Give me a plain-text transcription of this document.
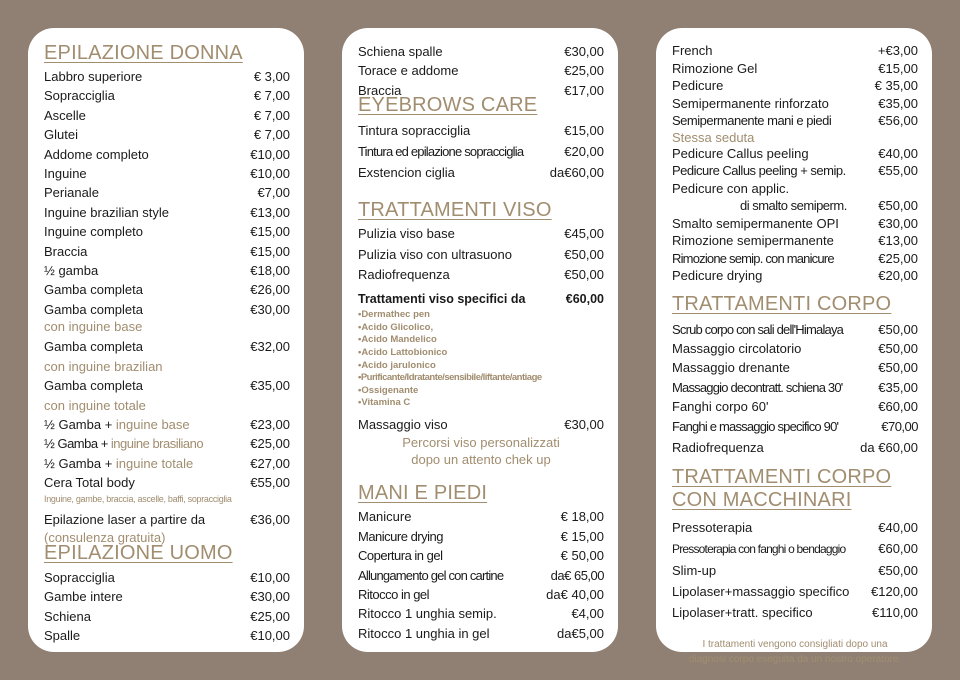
EPILAZIONE DONNA
Labbro superiore	€ 3,00
Sopracciglia	€ 7,00
Ascelle	€ 7,00
Glutei	€ 7,00
Addome completo	€10,00
Inguine	€10,00
Perianale	€7,00
Inguine brazilian style	€13,00
Inguine completo	€15,00
Braccia	€15,00
½ gamba	€18,00
Gamba completa	€26,00
Gamba completa	€30,00
con inguine base
Gamba completa	€32,00
con inguine brazilian
Gamba completa	€35,00
con inguine totale
½ Gamba + inguine base	€23,00
½ Gamba + inguine brasiliano	€25,00
½ Gamba + inguine totale	€27,00
Cera Total body	€55,00
Inguine, gambe, braccia, ascelle, baffi, sopracciglia
Epilazione laser a partire da	€36,00
(consulenza gratuita)
EPILAZIONE UOMO
Sopracciglia	€10,00
Gambe intere	€30,00
Schiena	€25,00
Spalle	€10,00
Schiena spalle	€30,00
Torace e addome	€25,00
Braccia	€17,00
EYEBROWS CARE
Tintura sopracciglia	€15,00
Tintura ed epilazione sopracciglia	€20,00
Exstencion ciglia	da€60,00
TRATTAMENTI VISO
Pulizia viso base	€45,00
Pulizia viso con ultrasuono	€50,00
Radiofrequenza	€50,00
Trattamenti viso specifici da	€60,00
•Dermathec pen
•Acido Glicolico,
•Acido Mandelico
•Acido Lattobionico
•Acido jarulonico
•Purificante/Idratante/sensibile/liftante/antiage
•Ossigenante
•Vitamina C
Massaggio viso	€30,00
Percorsi viso personalizzati
dopo un attento chek up
MANI E PIEDI
Manicure	€ 18,00
Manicure drying	€ 15,00
Copertura in gel	€ 50,00
Allungamento gel con cartine	da€ 65,00
Ritocco in gel	da€ 40,00
Ritocco 1 unghia semip.	€4,00
Ritocco 1 unghia in gel	da€5,00
French	+€3,00
Rimozione Gel	€15,00
Pedicure	€ 35,00
Semipermanente rinforzato	€35,00
Semipermanente mani e piedi	€56,00
Stessa seduta
Pedicure Callus peeling	€40,00
Pedicure Callus peeling + semip.	€55,00
Pedicure con applic.
di smalto semiperm.	€50,00
Smalto semipermanente OPI	€30,00
Rimozione semipermanente	€13,00
Rimozione semip. con manicure	€25,00
Pedicure drying	€20,00
TRATTAMENTI CORPO
Scrub corpo con sali dell'Himalaya	€50,00
Massaggio circolatorio	€50,00
Massaggio drenante	€50,00
Massaggio decontratt. schiena 30'	€35,00
Fanghi corpo 60'	€60,00
Fanghi e massaggio specifico 90'	€70,00
Radiofrequenza	da €60,00
TRATTAMENTI CORPO
CON MACCHINARI
Pressoterapia	€40,00
Pressoterapia con fanghi o bendaggio	€60,00
Slim-up	€50,00
Lipolaser+massaggio specifico	€120,00
Lipolaser+tratt. specifico	€110,00
I trattamenti vengono consigliati dopo una
diagnosi corpo eseguita da un nostro operatore.
